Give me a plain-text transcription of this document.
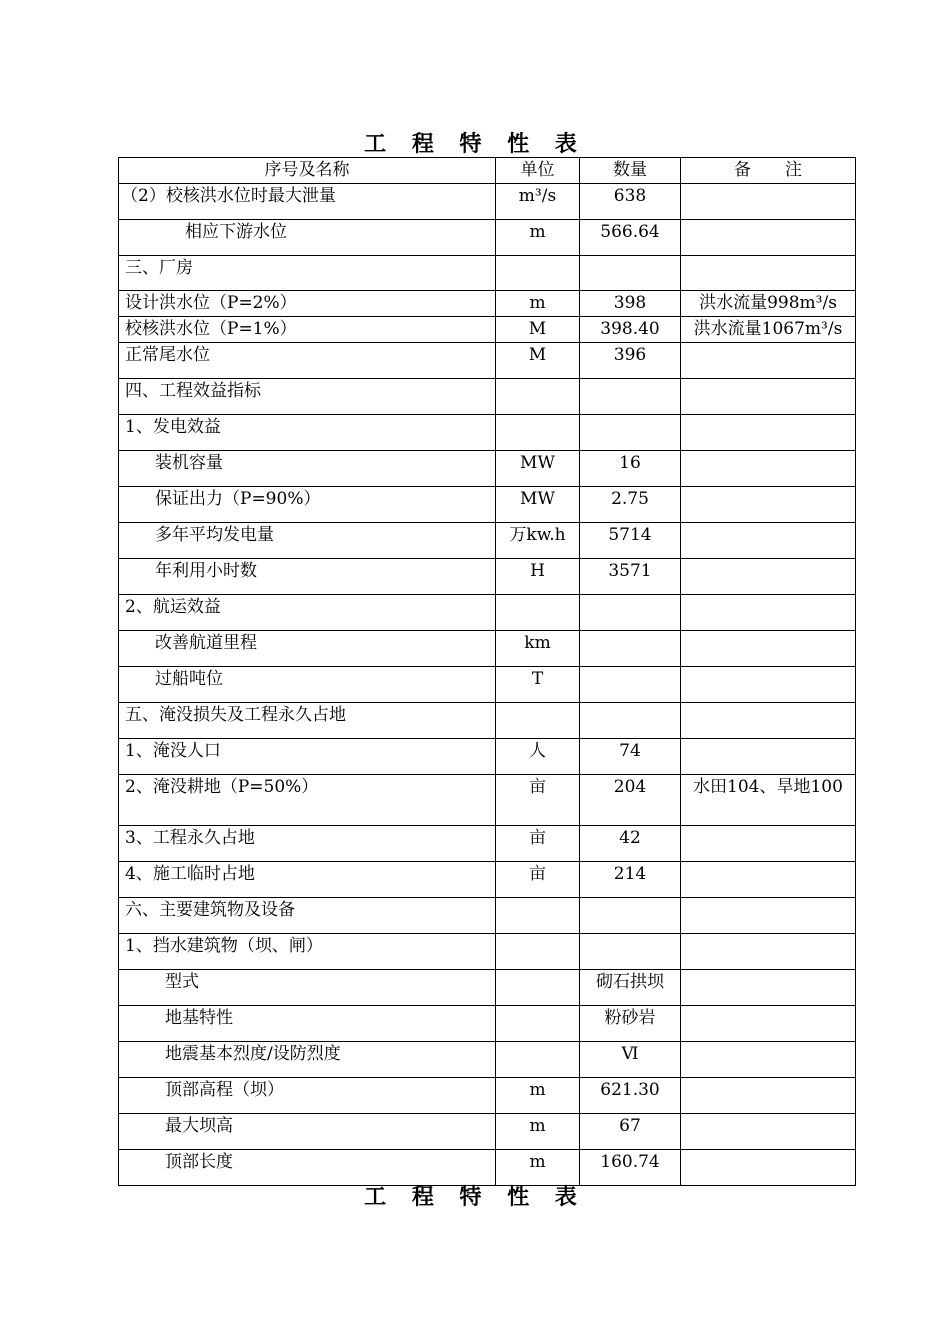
工 程 特 性 表
序号及名称	单位	数量	备　　注
（2）校核洪水位时最大泄量	m³/s	638	
相应下游水位	m	566.64	
三、厂房			
设计洪水位（P=2%）	m	398	洪水流量998m³/s
校核洪水位（P=1%）	M	398.40	洪水流量1067m³/s
正常尾水位	M	396	
四、工程效益指标			
1、发电效益			
装机容量	MW	16	
保证出力（P=90%）	MW	2.75	
多年平均发电量	万kw.h	5714	
年利用小时数	H	3571	
2、航运效益			
改善航道里程	km		
过船吨位	T		
五、淹没损失及工程永久占地			
1、淹没人口	人	74	
2、淹没耕地（P=50%）	亩	204	水田104、旱地100
3、工程永久占地	亩	42	
4、施工临时占地	亩	214	
六、主要建筑物及设备			
1、挡水建筑物（坝、闸）			
型式		砌石拱坝	
地基特性		粉砂岩	
地震基本烈度/设防烈度		Ⅵ	
顶部高程（坝）	m	621.30	
最大坝高	m	67	
顶部长度	m	160.74	
工 程 特 性 表
